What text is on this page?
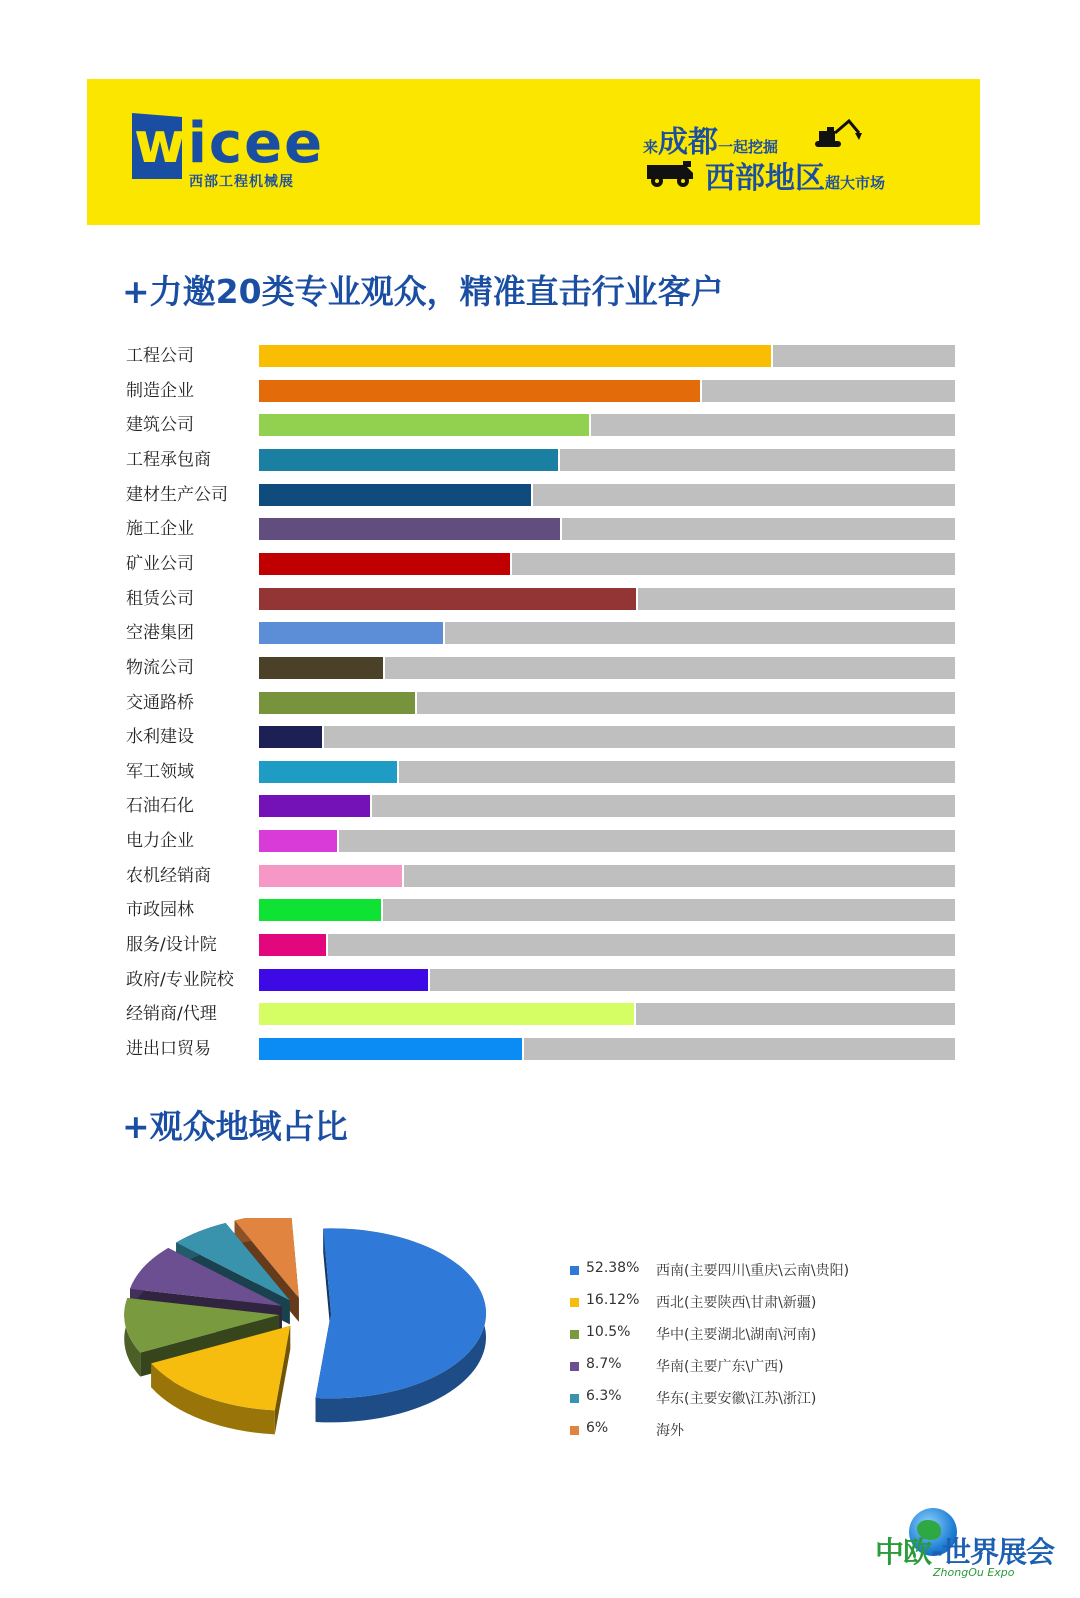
wicee
西部工程机械展
来成都一起挖掘
西部地区超大市场
+力邀20类专业观众，精准直击行业客户
工程公司
制造企业
建筑公司
工程承包商
建材生产公司
施工企业
矿业公司
租赁公司
空港集团
物流公司
交通路桥
水利建设
军工领域
石油石化
电力企业
农机经销商
市政园林
服务/设计院
政府/专业院校
经销商/代理
进出口贸易
+观众地域占比
52.38% 西南(主要四川\重庆\云南\贵阳)
16.12% 西北(主要陕西\甘肃\新疆)
10.5% 华中(主要湖北\湖南\河南)
8.7% 华南(主要广东\广西)
6.3% 华东(主要安徽\江苏\浙江)
6%	海外
中欧-世界展会
ZhongOu Expo
